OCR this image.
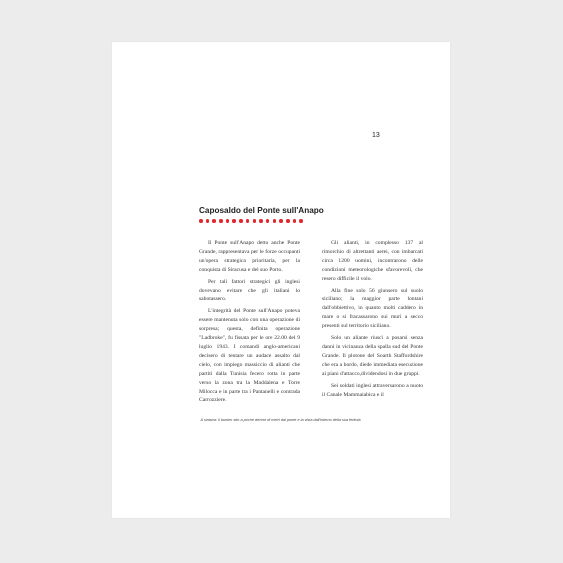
13
Caposaldo del Ponte sull'Anapo

Il Ponte sull'Anapo detto anche Ponte Grande, rappresentava per le forze occupanti un'opera strategica prioritaria, per la conquista di Siracusa e del suo Porto.

Per tali fattori strategici gli inglesi dovevano evitare che gli italiani lo sabotassero.

L'integrità del Ponte sull'Anapo poteva essere mantenuta solo con una operazione di sorpresa; questa, definita operazione "Ladbroke", fu fissata per le ore 22.00 del 9 luglio 1943. I comandi anglo-americani decisero di tentare un audace assalto dal cielo, con impiego massiccio di alianti che partiti dalla Tunisia fecero rotta in parte verso la zona tra la Maddalena e Torre Milocca e in parte tra i Pantanelli e contrada Carrozziere.

Gli alianti, in complesso 137 al rimorchio di altrettanti aerei, con imbarcati circa 1200 uomini, incontrarono delle condizioni meteorologiche sfavorevoli, che resero difficile il volo.

Alla fine solo 56 giunsero sul suolo siciliano; la maggior parte lontani dall'obbiettivo, in quanto molti caddero in mare o si fracassarono sui muri a secco presenti sul territorio siciliano.

Solo un aliante riuscì a posarsi senza danni in vicinanza della spalla sud del Ponte Grande. Il plotone del Soarth Staffordshire che era a bordo, diede immediata esecuzione ai piani d'attacco,dividendosi in due gruppi.

Sei soldati inglesi attraversarono a nuoto il Canale Mammaiabica e il

A sinistra: il bunker sito a poche decine di metri dal ponte e la vista dall'interno della sua feritoia.
